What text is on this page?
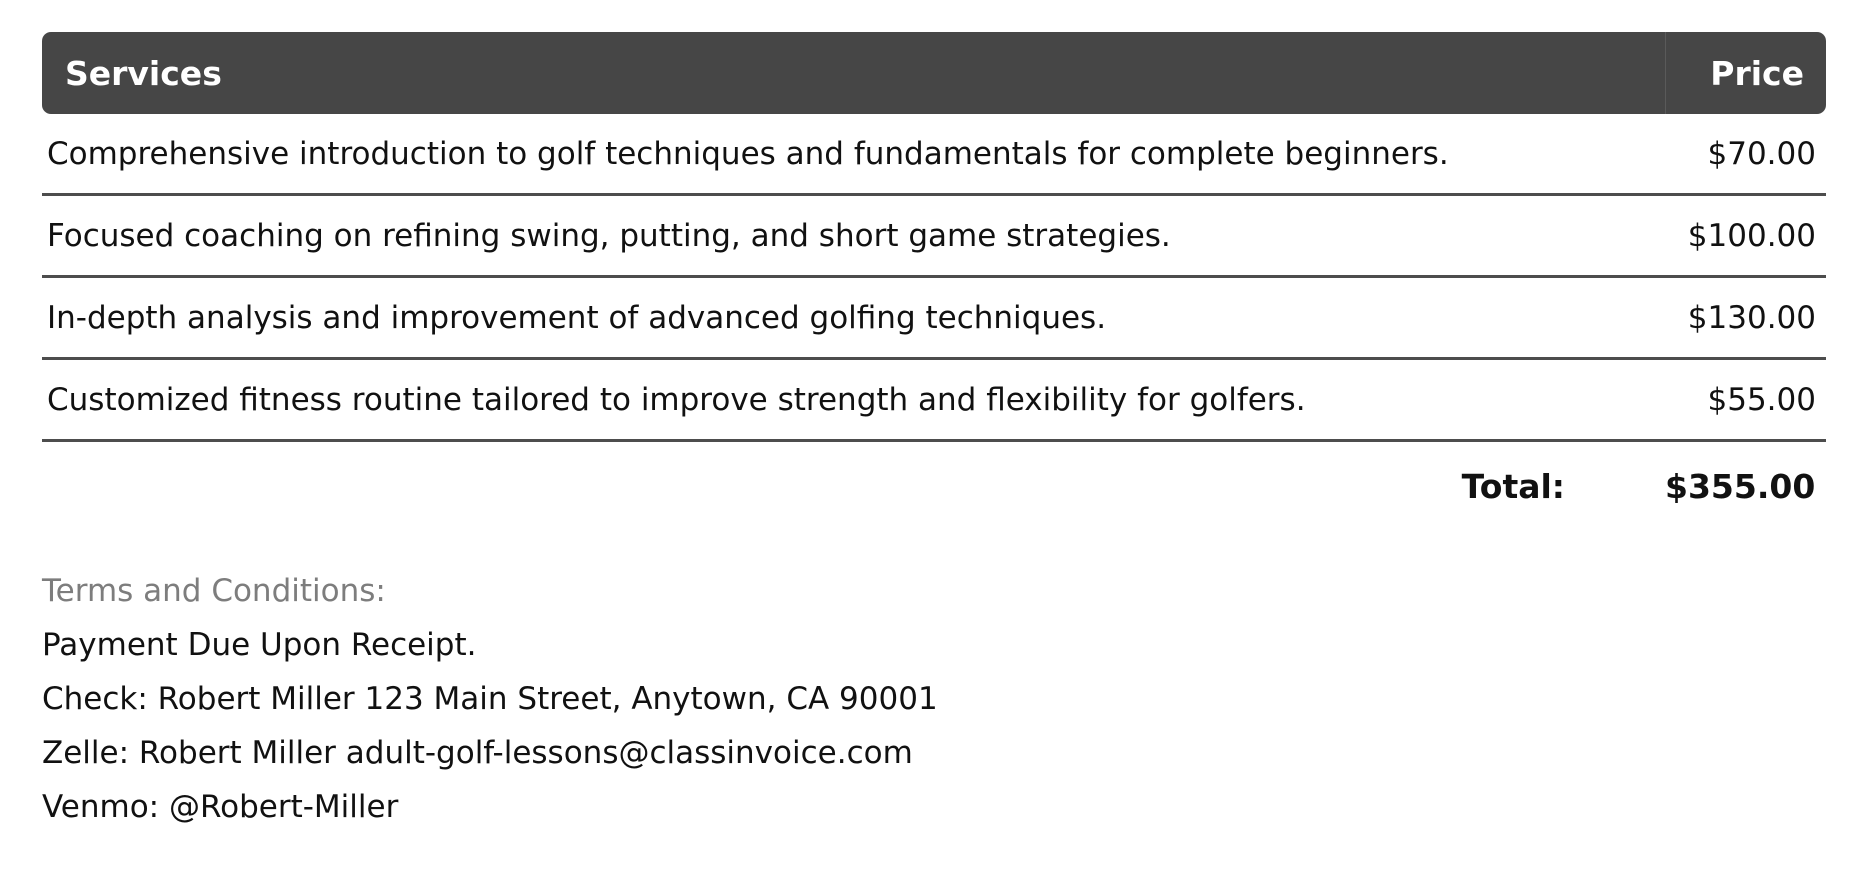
Services	Price
Comprehensive introduction to golf techniques and fundamentals for complete beginners.	$70.00
Focused coaching on refining swing, putting, and short game strategies.	$100.00
In-depth analysis and improvement of advanced golfing techniques.	$130.00
Customized fitness routine tailored to improve strength and flexibility for golfers.	$55.00
Total:	$355.00
Terms and Conditions:
Payment Due Upon Receipt.
Check: Robert Miller 123 Main Street, Anytown, CA 90001
Zelle: Robert Miller adult-golf-lessons@classinvoice.com
Venmo: @Robert-Miller
